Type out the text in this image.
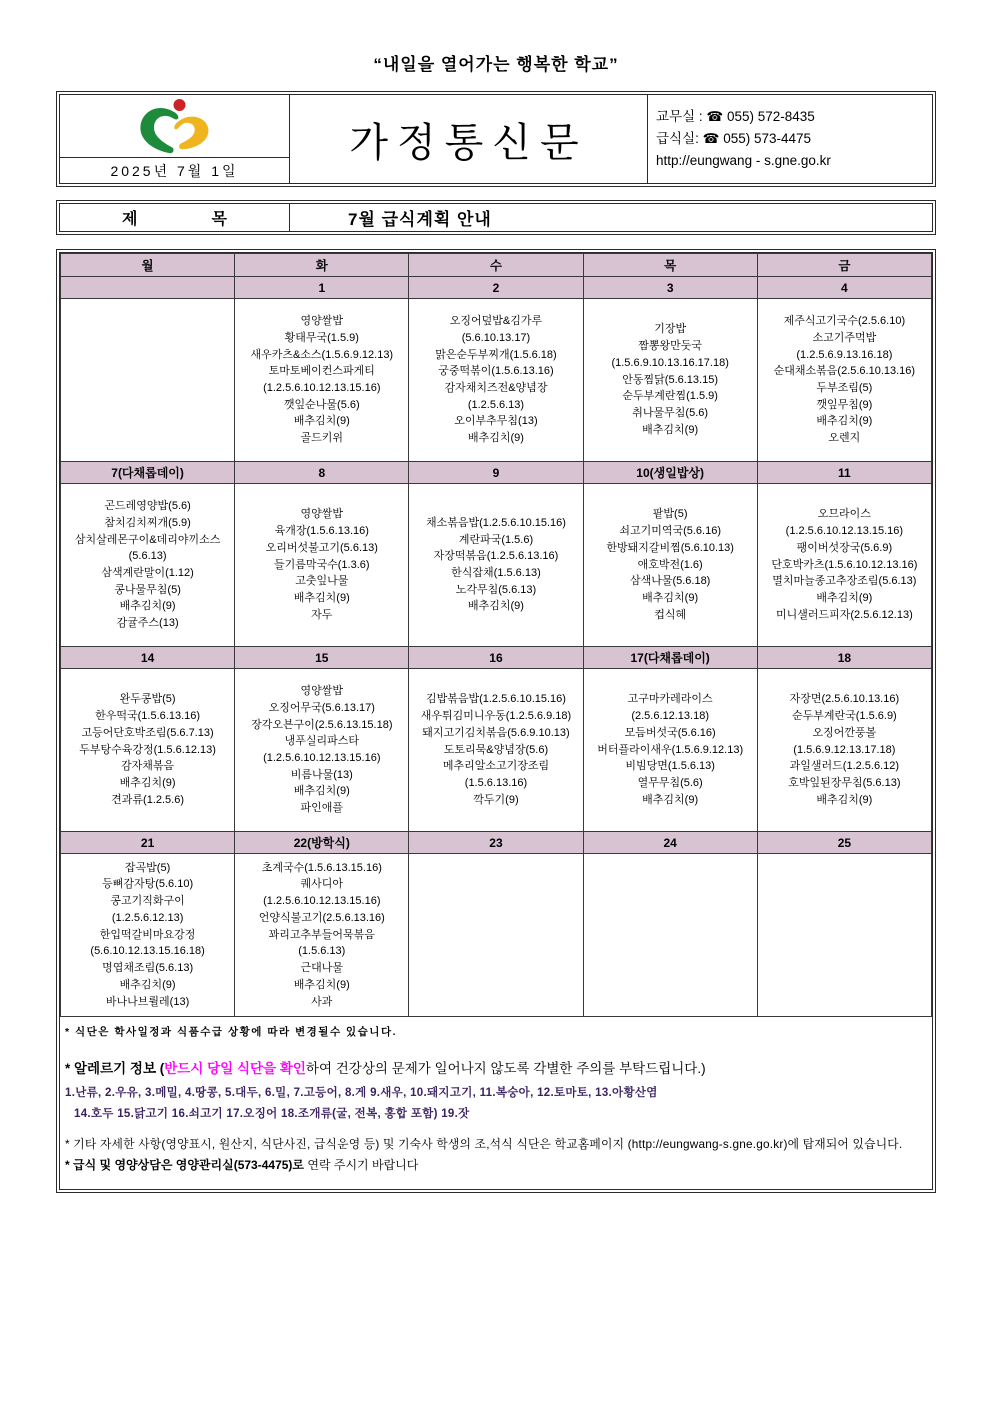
“내일을 열어가는 행복한 학교”
2025년 7월 1일
가정통신문
교무실 : ☎ 055) 572-8435
급식실: ☎ 055) 573-4475
http://eungwang - s.gne.go.kr
제	목	7월 급식계획 안내
월	화	수	목	금
	1	2	3	4

영양쌀밥
황태무국(1.5.9)
새우카츠&소스(1.5.6.9.12.13)
토마토베이컨스파게티
(1.2.5.6.10.12.13.15.16)
깻잎순나물(5.6)
배추김치(9)
골드키위

오징어덮밥&김가루
(5.6.10.13.17)
맑은순두부찌개(1.5.6.18)
궁중떡볶이(1.5.6.13.16)
감자채치즈전&양념장
(1.2.5.6.13)
오이부추무침(13)
배추김치(9)

기장밥
짬뽕왕만둣국
(1.5.6.9.10.13.16.17.18)
안동찜닭(5.6.13.15)
순두부계란찜(1.5.9)
취나물무침(5.6)
배추김치(9)

제주식고기국수(2.5.6.10)
소고기주먹밥
(1.2.5.6.9.13.16.18)
순대채소볶음(2.5.6.10.13.16)
두부조림(5)
깻잎무침(9)
배추김치(9)
오렌지

7(다채롭데이)	8	9	10(생일밥상)	11

곤드레영양밥(5.6)
참치김치찌개(5.9)
삼치살레몬구이&데리야끼소스
(5.6.13)
삼색계란말이(1.12)
콩나물무침(5)
배추김치(9)
감귤주스(13)

영양쌀밥
육개장(1.5.6.13.16)
오리버섯불고기(5.6.13)
들기름막국수(1.3.6)
고춧잎나물
배추김치(9)
자두

채소볶음밥(1.2.5.6.10.15.16)
계란파국(1.5.6)
자장떡볶음(1.2.5.6.13.16)
한식잡채(1.5.6.13)
노각무침(5.6.13)
배추김치(9)

팥밥(5)
쇠고기미역국(5.6.16)
한방돼지갈비찜(5.6.10.13)
애호박전(1.6)
삼색나물(5.6.18)
배추김치(9)
컵식혜

오므라이스
(1.2.5.6.10.12.13.15.16)
팽이버섯장국(5.6.9)
단호박카츠(1.5.6.10.12.13.16)
멸치마늘종고추장조림(5.6.13)
배추김치(9)
미니샐러드피자(2.5.6.12.13)

14	15	16	17(다채롭데이)	18

완두콩밥(5)
한우떡국(1.5.6.13.16)
고등어단호박조림(5.6.7.13)
두부탕수육강정(1.5.6.12.13)
감자채볶음
배추김치(9)
견과류(1.2.5.6)

영양쌀밥
오징어무국(5.6.13.17)
장각오븐구이(2.5.6.13.15.18)
냉푸실리파스타
(1.2.5.6.10.12.13.15.16)
비름나물(13)
배추김치(9)
파인애플

김밥볶음밥(1.2.5.6.10.15.16)
새우튀김미니우동(1.2.5.6.9.18)
돼지고기김치볶음(5.6.9.10.13)
도토리묵&양념장(5.6)
메추리알소고기장조림
(1.5.6.13.16)
깍두기(9)

고구마카레라이스
(2.5.6.12.13.18)
모듬버섯국(5.6.16)
버터플라이새우(1.5.6.9.12.13)
비빔당면(1.5.6.13)
열무무침(5.6)
배추김치(9)

자장면(2.5.6.10.13.16)
순두부계란국(1.5.6.9)
오징어깐풍볼
(1.5.6.9.12.13.17.18)
과일샐러드(1.2.5.6.12)
호박잎된장무침(5.6.13)
배추김치(9)

21	22(방학식)	23	24	25

잡곡밥(5)
등뼈감자탕(5.6.10)
콩고기직화구이
(1.2.5.6.12.13)
한입떡갈비마요강정
(5.6.10.12.13.15.16.18)
명엽채조림(5.6.13)
배추김치(9)
바나나브륄레(13)

초계국수(1.5.6.13.15.16)
퀘사디아
(1.2.5.6.10.12.13.15.16)
언양식불고기(2.5.6.13.16)
꽈리고추부들어묵볶음
(1.5.6.13)
근대나물
배추김치(9)
사과

* 식단은 학사일정과 식품수급 상황에 따라 변경될수 있습니다.
* 알레르기 정보 (반드시 당일 식단을 확인하여 건강상의 문제가 일어나지 않도록 각별한 주의를 부탁드립니다.)
1.난류, 2.우유, 3.메밀, 4.땅콩, 5.대두, 6.밀, 7.고등어, 8.게 9.새우, 10.돼지고기, 11.복숭아, 12.토마토, 13.아황산염
14.호두 15.닭고기 16.쇠고기 17.오징어 18.조개류(굴, 전복, 홍합 포함) 19.잣
* 기타 자세한 사항(영양표시, 원산지, 식단사진, 급식운영 등) 및 기숙사 학생의 조,석식 식단은 학교홈페이지 (http://eungwang-s.gne.go.kr)에 탑재되어 있습니다.
* 급식 및 영양상담은 영양관리실(573-4475)로 연락 주시기 바랍니다
